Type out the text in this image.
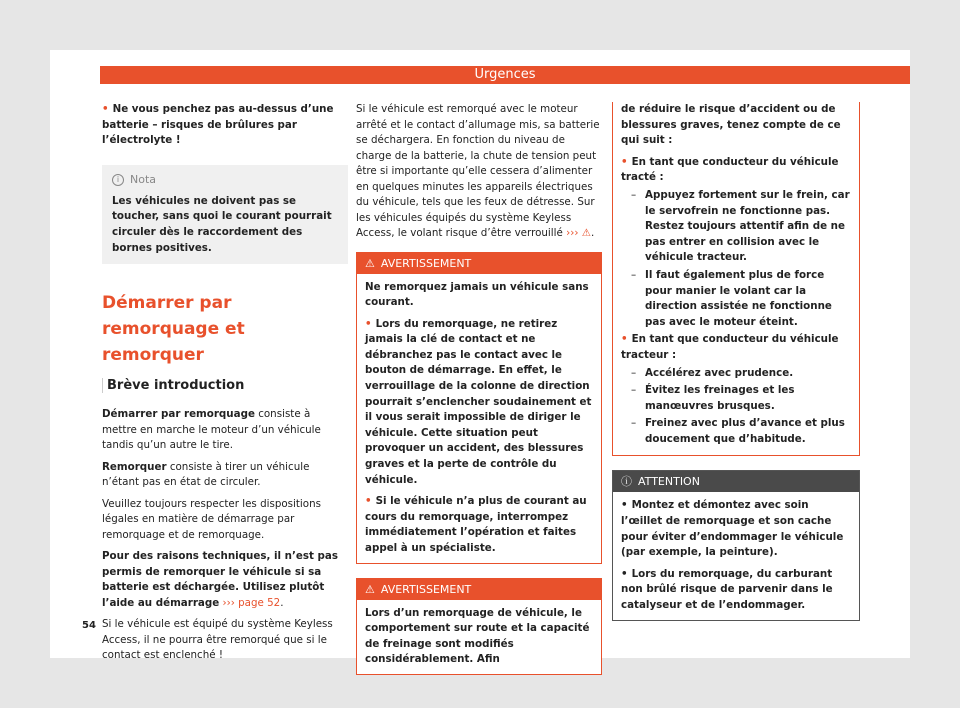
Urgences
• Ne vous penchez pas au-dessus d’une batterie – risques de brûlures par l’électrolyte !
i Nota
Les véhicules ne doivent pas se toucher, sans quoi le courant pourrait circuler dès le raccordement des bornes positives.
Démarrer par remorquage et remorquer
Brève introduction

Démarrer par remorquage consiste à mettre en marche le moteur d’un véhicule tandis qu’un autre le tire.

Remorquer consiste à tirer un véhicule n’étant pas en état de circuler.

Veuillez toujours respecter les dispositions légales en matière de démarrage par remorquage et de remorquage.

Pour des raisons techniques, il n’est pas permis de remorquer le véhicule si sa batterie est déchargée. Utilisez plutôt l’aide au démarrage ››› page 52.

Si le véhicule est équipé du système Keyless Access, il ne pourra être remorqué que si le contact est enclenché !

Si le véhicule est remorqué avec le moteur arrêté et le contact d’allumage mis, sa batterie se déchargera. En fonction du niveau de charge de la batterie, la chute de tension peut être si importante qu’elle cessera d’alimenter en quelques minutes les appareils électriques du véhicule, tels que les feux de détresse. Sur les véhicules équipés du système Keyless Access, le volant risque d’être verrouillé ››› ⚠.
⚠ AVERTISSEMENT

Ne remorquez jamais un véhicule sans courant.

• Lors du remorquage, ne retirez jamais la clé de contact et ne débranchez pas le contact avec le bouton de démarrage. En effet, le verrouillage de la colonne de direction pourrait s’enclencher soudainement et il vous serait impossible de diriger le véhicule. Cette situation peut provoquer un accident, des blessures graves et la perte de contrôle du véhicule.

• Si le véhicule n’a plus de courant au cours du remorquage, interrompez immédiatement l’opération et faites appel à un spécialiste.

⚠ AVERTISSEMENT
Lors d’un remorquage de véhicule, le comportement sur route et la capacité de freinage sont modifiés considérablement. Afin

de réduire le risque d’accident ou de blessures graves, tenez compte de ce qui suit :

• En tant que conducteur du véhicule tracté :

– Appuyez fortement sur le frein, car le servofrein ne fonctionne pas. Restez toujours attentif afin de ne pas entrer en collision avec le véhicule tracteur.
– Il faut également plus de force pour manier le volant car la direction assistée ne fonctionne pas avec le moteur éteint.

• En tant que conducteur du véhicule tracteur :

– Accélérez avec prudence.
– Évitez les freinages et les manœuvres brusques.
– Freinez avec plus d’avance et plus doucement que d’habitude.
ⓘ ATTENTION

• Montez et démontez avec soin l’œillet de remorquage et son cache pour éviter d’endommager le véhicule (par exemple, la peinture).

• Lors du remorquage, du carburant non brûlé risque de parvenir dans le catalyseur et de l’endommager.

54
